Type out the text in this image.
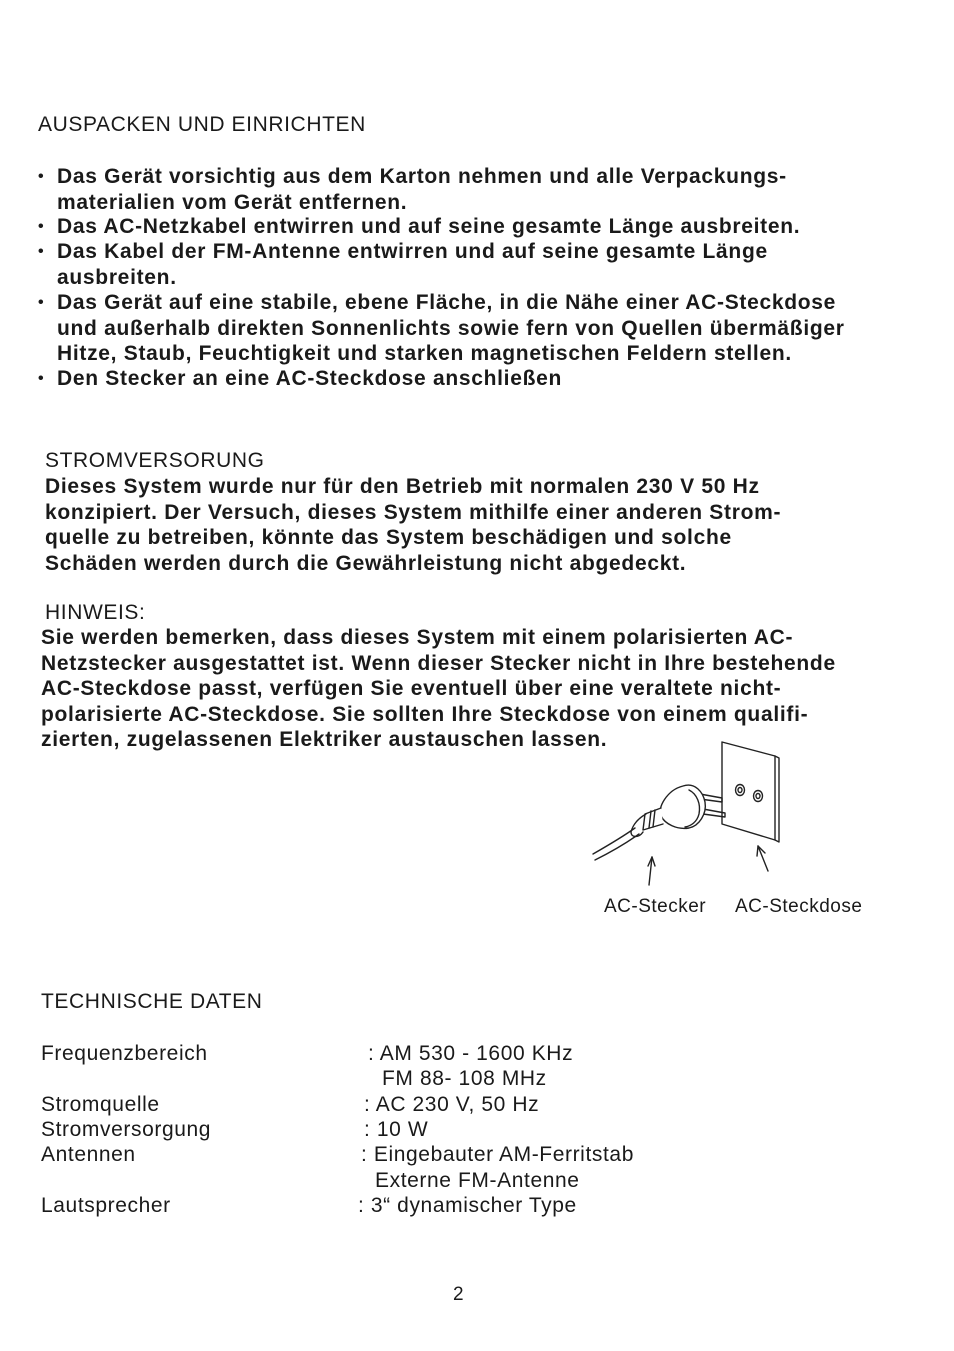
AUSPACKEN UND EINRICHTEN
• Das Gerät vorsichtig aus dem Karton nehmen und alle Verpackungs-
materialien vom Gerät entfernen.
• Das AC-Netzkabel entwirren und auf seine gesamte Länge ausbreiten.
• Das Kabel der FM-Antenne entwirren und auf seine gesamte Länge
ausbreiten.
• Das Gerät auf eine stabile, ebene Fläche, in die Nähe einer AC-Steckdose
und außerhalb direkten Sonnenlichts sowie fern von Quellen übermäßiger
Hitze, Staub, Feuchtigkeit und starken magnetischen Feldern stellen.
• Den Stecker an eine AC-Steckdose anschließen
STROMVERSORUNG
Dieses System wurde nur für den Betrieb mit normalen 230 V 50 Hz
konzipiert. Der Versuch, dieses System mithilfe einer anderen Strom-
quelle zu betreiben, könnte das System beschädigen und solche
Schäden werden durch die Gewährleistung nicht abgedeckt.
HINWEIS:
Sie werden bemerken, dass dieses System mit einem polarisierten AC-
Netzstecker ausgestattet ist. Wenn dieser Stecker nicht in Ihre bestehende
AC-Steckdose passt, verfügen Sie eventuell über eine veraltete nicht-
polarisierte AC-Steckdose. Sie sollten Ihre Steckdose von einem qualifi-
zierten, zugelassenen Elektriker austauschen lassen.
AC-Stecker AC-Steckdose
TECHNISCHE DATEN
Frequenzbereich	: AM 530 - 1600 KHz
FM 88- 108 MHz
Stromquelle	: AC 230 V, 50 Hz
Stromversorgung	: 10 W
Antennen	: Eingebauter AM-Ferritstab
Externe FM-Antenne
Lautsprecher	: 3“ dynamischer Type
2
